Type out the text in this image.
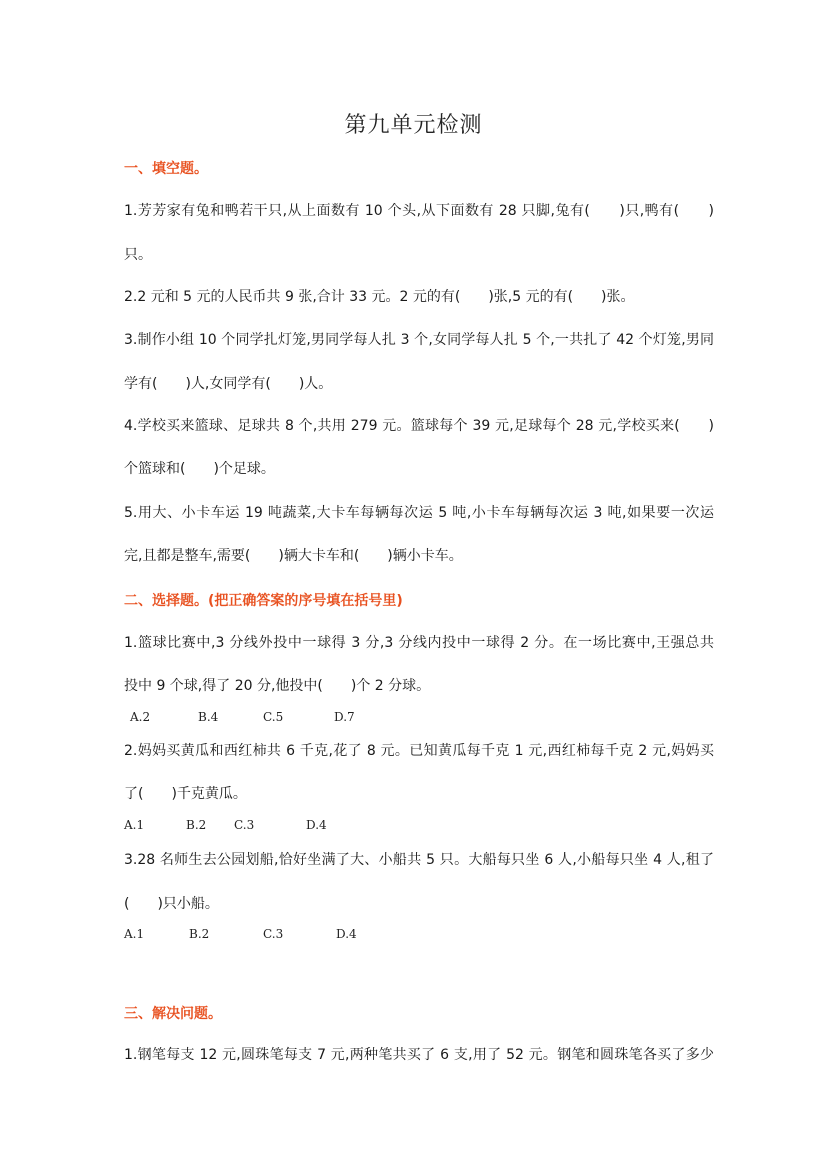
第九单元检测
一、填空题。
1.芳芳家有兔和鸭若干只,从上面数有 10 个头,从下面数有 28 只脚,兔有(　　)只,鸭有(　　)
只。
2.2 元和 5 元的人民币共 9 张,合计 33 元。2 元的有(　　)张,5 元的有(　　)张。
3.制作小组 10 个同学扎灯笼,男同学每人扎 3 个,女同学每人扎 5 个,一共扎了 42 个灯笼,男同
学有(　　)人,女同学有(　　)人。
4.学校买来篮球、足球共 8 个,共用 279 元。篮球每个 39 元,足球每个 28 元,学校买来(　　)
个篮球和(　　)个足球。
5.用大、小卡车运 19 吨蔬菜,大卡车每辆每次运 5 吨,小卡车每辆每次运 3 吨,如果要一次运
完,且都是整车,需要(　　)辆大卡车和(　　)辆小卡车。
二、选择题。(把正确答案的序号填在括号里)
1.篮球比赛中,3 分线外投中一球得 3 分,3 分线内投中一球得 2 分。在一场比赛中,王强总共
投中 9 个球,得了 20 分,他投中(　　)个 2 分球。
A.2	B.4	C.5	D.7
2.妈妈买黄瓜和西红柿共 6 千克,花了 8 元。已知黄瓜每千克 1 元,西红柿每千克 2 元,妈妈买
了(　　)千克黄瓜。
A.1	B.2 C.3	D.4
3.28 名师生去公园划船,恰好坐满了大、小船共 5 只。大船每只坐 6 人,小船每只坐 4 人,租了
(　　)只小船。
A.1	B.2	C.3	D.4
三、解决问题。
1.钢笔每支 12 元,圆珠笔每支 7 元,两种笔共买了 6 支,用了 52 元。钢笔和圆珠笔各买了多少
